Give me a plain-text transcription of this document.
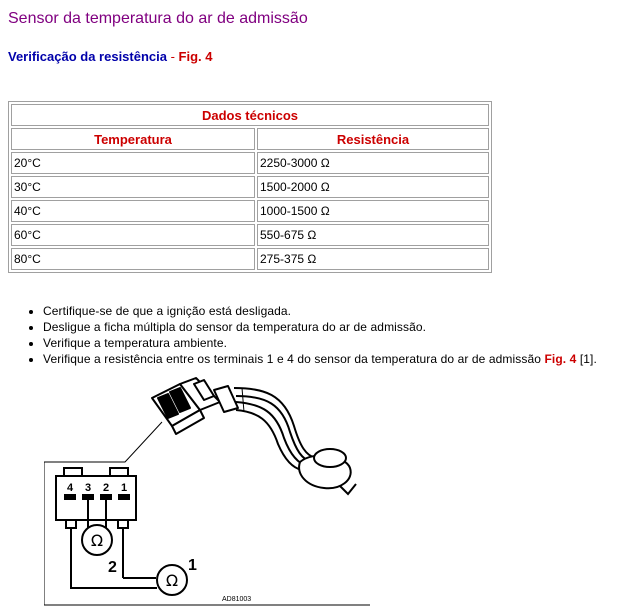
Sensor da temperatura do ar de admissão
Verificação da resistência - Fig. 4
Dados técnicos	
Temperatura	Resistência
20°C	2250-3000 Ω
30°C	1500-2000 Ω
40°C	1000-1500 Ω
60°C	550-675 Ω
80°C	275-375 Ω
• Certifique-se de que a ignição está desligada.
• Desligue a ficha múltipla do sensor da temperatura do ar de admissão.
• Verifique a temperatura ambiente.
• Verifique a resistência entre os terminais 1 e 4 do sensor da temperatura do ar de admissão Fig. 4 [1].
4 3 2 1
Ω
2
Ω
1
AD81003
